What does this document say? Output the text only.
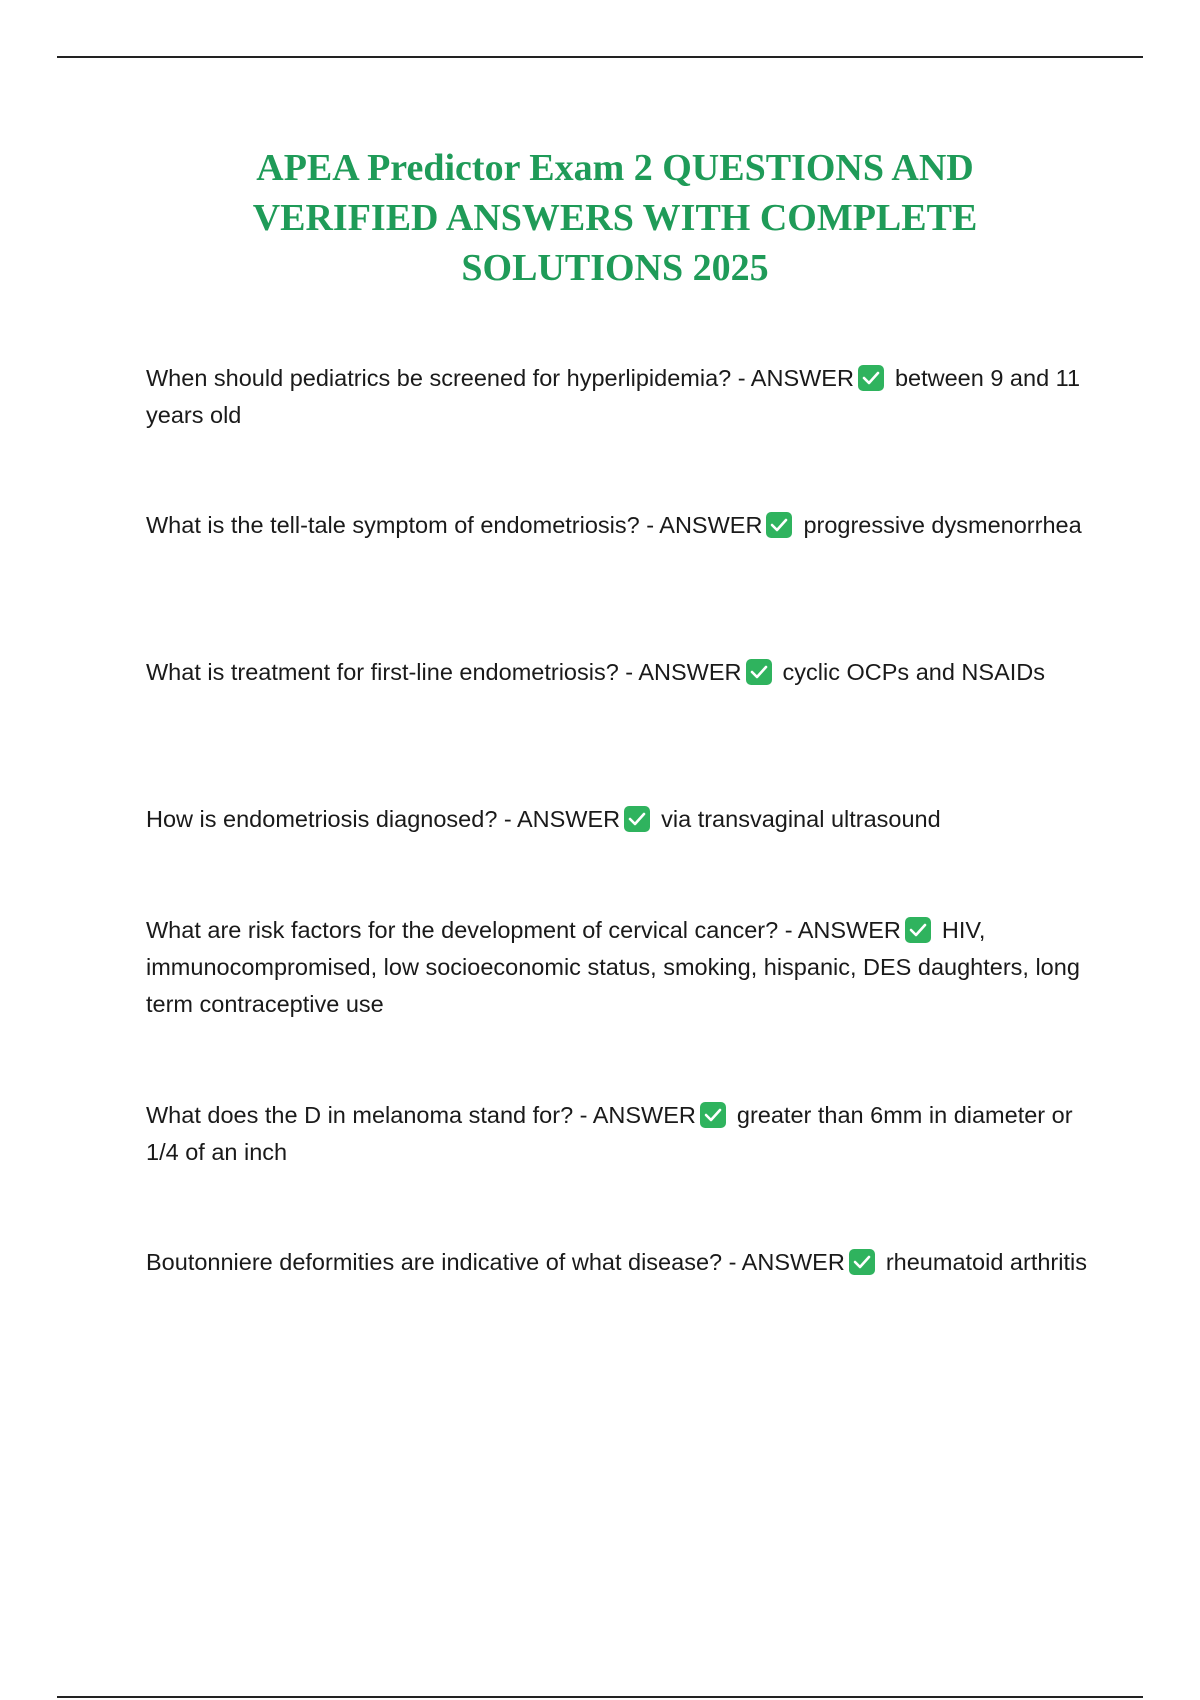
APEA Predictor Exam 2 QUESTIONS AND VERIFIED ANSWERS WITH COMPLETE SOLUTIONS 2025

When should pediatrics be screened for hyperlipidemia? - ANSWER between 9 and 11 years old

What is the tell-tale symptom of endometriosis? - ANSWER progressive dysmenorrhea

What is treatment for first-line endometriosis? - ANSWER cyclic OCPs and NSAIDs

How is endometriosis diagnosed? - ANSWER via transvaginal ultrasound

What are risk factors for the development of cervical cancer? - ANSWER HIV, immunocompromised, low socioeconomic status, smoking, hispanic, DES daughters, long term contraceptive use

What does the D in melanoma stand for? - ANSWER greater than 6mm in diameter or 1/4 of an inch

Boutonniere deformities are indicative of what disease? - ANSWER rheumatoid arthritis
